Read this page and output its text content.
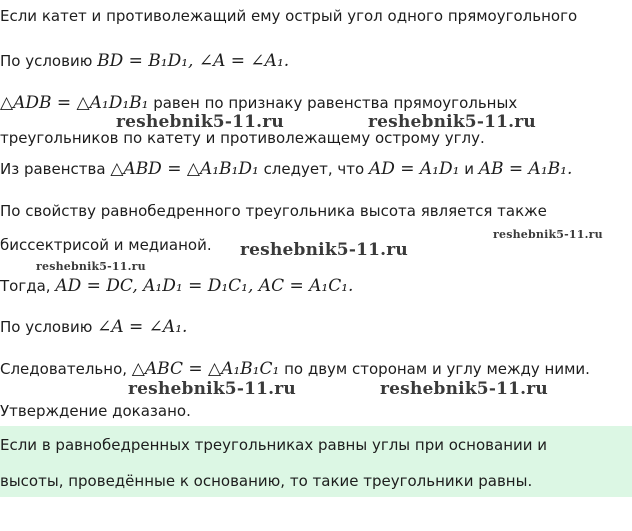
Если катет и противолежащий ему острый угол одного прямоугольного
По условию BD = B₁D₁, ∠A = ∠A₁.
△ADB = △A₁D₁B₁ равен по признаку равенства прямоугольных
reshebnik5-11.ru	reshebnik5-11.ru
треугольников по катету и противолежащему острому углу.
Из равенства △ABD = △A₁B₁D₁ следует, что AD = A₁D₁ и AB = A₁B₁.
По свойству равнобедренного треугольника высота является также
reshebnik5-11.ru
биссектрисой и медианой. reshebnik5-11.ru
reshebnik5-11.ru
Тогда, AD = DC, A₁D₁ = D₁C₁, AC = A₁C₁.
По условию ∠A = ∠A₁.
Следовательно, △ABC = △A₁B₁C₁ по двум сторонам и углу между ними.
reshebnik5-11.ru	reshebnik5-11.ru
Утверждение доказано.
Если в равнобедренных треугольниках равны углы при основании и
высоты, проведённые к основанию, то такие треугольники равны.
